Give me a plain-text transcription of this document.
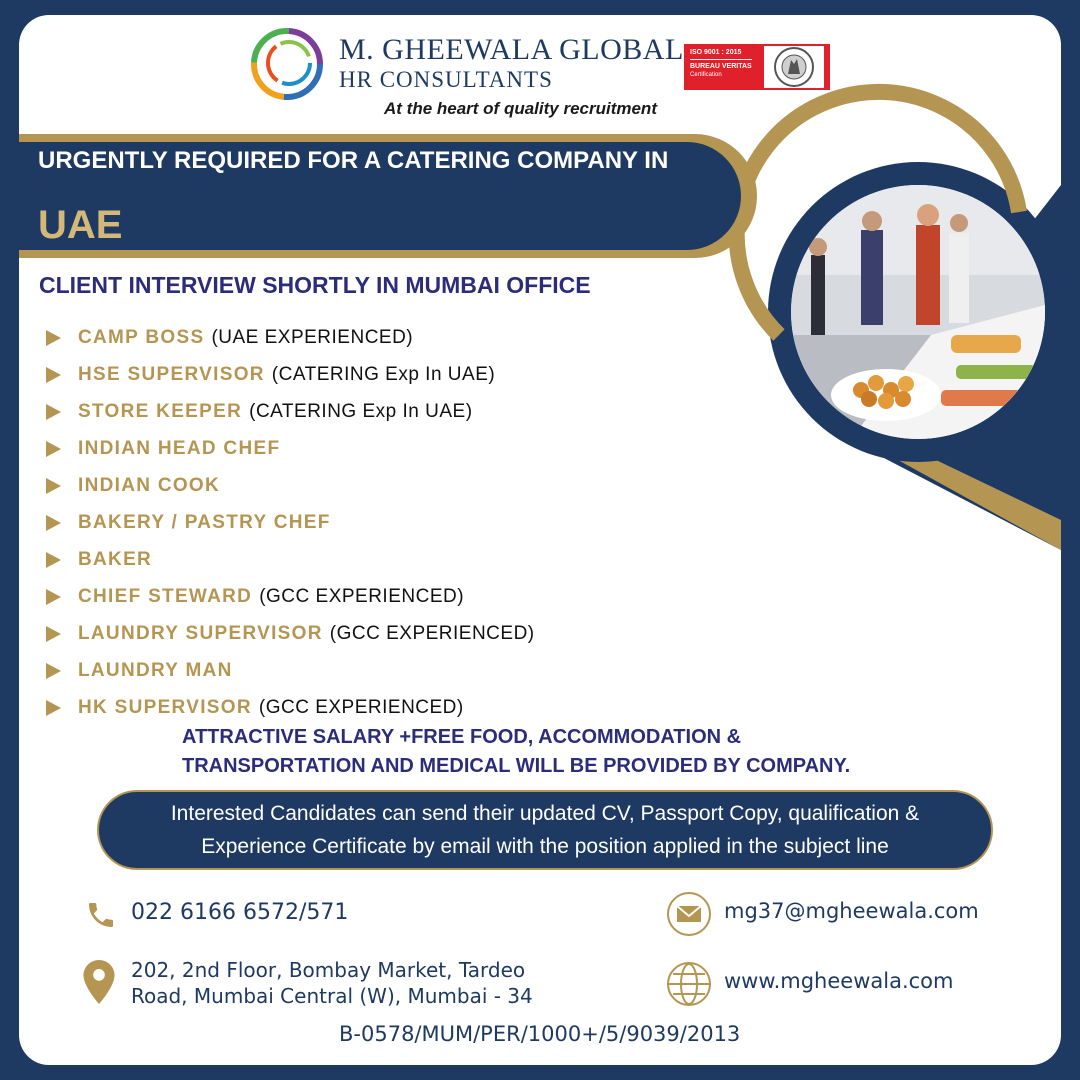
M. GHEEWALA GLOBAL
HR CONSULTANTS
At the heart of quality recruitment
ISO 9001 : 2015
BUREAU VERITAS
Certification
URGENTLY REQUIRED FOR A CATERING COMPANY IN
UAE
CLIENT INTERVIEW SHORTLY IN MUMBAI OFFICE
CAMP BOSS (UAE EXPERIENCED)
HSE SUPERVISOR (CATERING Exp In UAE)
STORE KEEPER (CATERING Exp In UAE)
INDIAN HEAD CHEF
INDIAN COOK
BAKERY / PASTRY CHEF
BAKER
CHIEF STEWARD (GCC EXPERIENCED)
LAUNDRY SUPERVISOR (GCC EXPERIENCED)
LAUNDRY MAN
HK SUPERVISOR (GCC EXPERIENCED)
ATTRACTIVE SALARY +FREE FOOD, ACCOMMODATION &
TRANSPORTATION AND MEDICAL WILL BE PROVIDED BY COMPANY.
Interested Candidates can send their updated CV, Passport Copy, qualification &
Experience Certificate by email with the position applied in the subject line
022 6166 6572/571
202, 2nd Floor, Bombay Market, Tardeo
Road, Mumbai Central (W), Mumbai - 34
mg37@mgheewala.com
www.mgheewala.com
B-0578/MUM/PER/1000+/5/9039/2013
